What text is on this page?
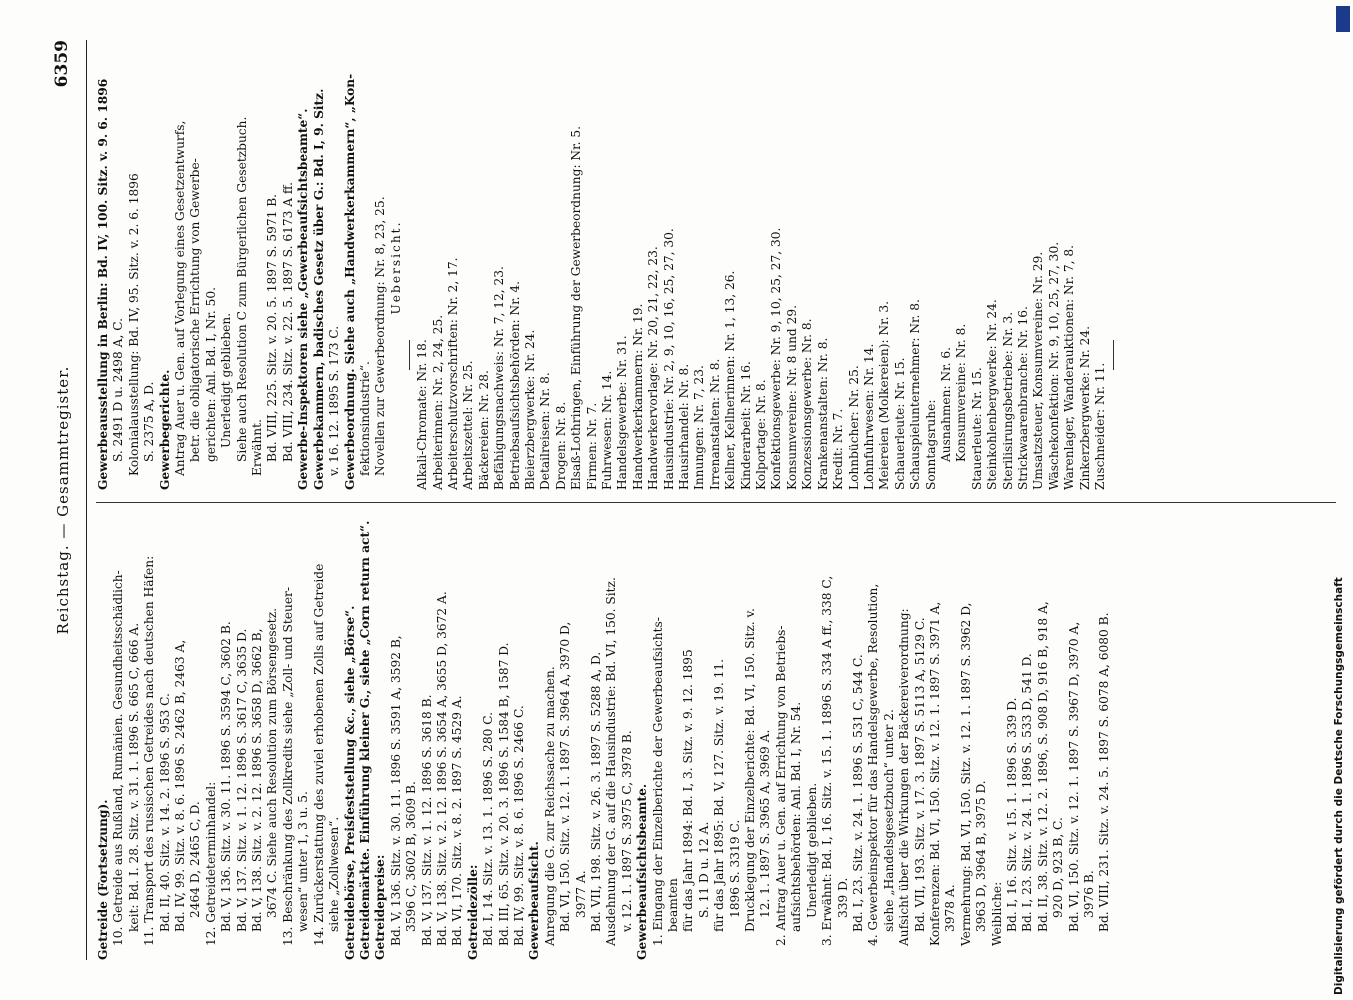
Reichstag. — Gesammtregister.
6359
Getreide (Fortsetzung). 10. Getreide aus Rußland, Rumänien. Gesundheitsschädlich- keit: Bd. I. 28. Sitz. v. 31. 1. 1896 S. 665 C, 666 A. 11. Transport des russischen Getreides nach deutschen Häfen: Bd. II, 40. Sitz. v. 14. 2. 1896 S. 953 C. Bd. IV, 99. Sitz. v. 8. 6. 1896 S. 2462 B, 2463 A, 2464 D, 2465 C, D. 12. Getreideterminhandel: Bd. V, 136. Sitz. v. 30. 11. 1896 S. 3594 C, 3602 B. Bd. V, 137. Sitz. v. 1. 12. 1896 S. 3617 C, 3635 D. Bd. V, 138. Sitz. v. 2. 12. 1896 S. 3658 D, 3662 B, 3674 C. Siehe auch Resolution zum Börsengesetz. 13. Beschränkung des Zollkredits siehe „Zoll- und Steuer- wesen“ unter 1, 3 u. 5. 14. Zurückerstattung des zuviel erhobenen Zolls auf Getreide siehe „Zollwesen“. Getreidebörse, Preisfeststellung &c., siehe „Börse“. Getreidemärkte. Einführung kleiner G., siehe „Corn return act“. Getreidepreise: Bd. V, 136. Sitz. v. 30. 11. 1896 S. 3591 A, 3592 B, 3596 C, 3602 B, 3609 B. Bd. V, 137. Sitz. v. 1. 12. 1896 S. 3618 B. Bd. V, 138. Sitz. v. 2. 12. 1896 S. 3654 A, 3655 D, 3672 A. Bd. VI, 170. Sitz. v. 8. 2. 1897 S. 4529 A. Getreidezölle: Bd. I, 14. Sitz. v. 13. 1. 1896 S. 280 C. Bd. III, 65. Sitz. v. 20. 3. 1896 S. 1584 B, 1587 D. Bd. IV, 99. Sitz. v. 8. 6. 1896 S. 2466 C. Gewerbeaufsicht. Anregung die G. zur Reichssache zu machen. Bd. VI, 150. Sitz. v. 12. 1. 1897 S. 3964 A, 3970 D, 3977 A. Bd. VII, 198. Sitz. v. 26. 3. 1897 S. 5288 A, D. Ausdehnung der G. auf die Hausindustrie: Bd. VI, 150. Sitz. v. 12. 1. 1897 S. 3975 C, 3978 B. Gewerbeaufsichtsbeamte. 1. Eingang der Einzelberichte der Gewerbeaufsichts- beamten für das Jahr 1894: Bd. I, 3. Sitz. v. 9. 12. 1895 S. 11 D u. 12 A. für das Jahr 1895: Bd. V, 127. Sitz. v. 19. 11. 1896 S. 3319 C. Drucklegung der Einzelberichte: Bd. VI, 150. Sitz. v. 12. 1. 1897 S. 3965 A, 3969 A. 2. Antrag Auer u. Gen. auf Errichtung von Betriebs- aufsichtsbehörden: Anl. Bd. I, Nr. 54. Unerledigt geblieben. 3. Erwähnt: Bd. I, 16. Sitz. v. 15. 1. 1896 S. 334 A ff., 338 C, 339 D. Bd. I, 23. Sitz. v. 24. 1. 1896 S. 531 C, 544 C. 4. Gewerbeinspektor für das Handelsgewerbe, Resolution, siehe „Handelsgesetzbuch“ unter 2. Aufsicht über die Wirkungen der Bäckereiverordnung: Bd. VII, 193. Sitz. v. 17. 3. 1897 S. 5113 A, 5129 C. Konferenzen: Bd. VI, 150. Sitz. v. 12. 1. 1897 S. 3971 A, 3978 A. Vermehrung: Bd. VI, 150. Sitz. v. 12. 1. 1897 S. 3962 D, 3963 D, 3964 B, 3975 D. Weibliche: Bd. I, 16. Sitz. v. 15. 1. 1896 S. 339 D. Bd. I, 23. Sitz. v. 24. 1. 1896 S. 533 D, 541 D. Bd. II, 38. Sitz. v. 12. 2. 1896, S. 908 D, 916 B, 918 A, 920 D, 923 B, C. Bd. VI, 150. Sitz. v. 12. 1. 1897 S. 3967 D, 3970 A, 3976 B. Bd. VIII, 231. Sitz. v. 24. 5. 1897 S. 6078 A, 6080 B.
Gewerbeausstellung in Berlin: Bd. IV, 100. Sitz. v. 9. 6. 1896 S. 2491 D u. 2498 A, C. Kolonialausstellung: Bd. IV, 95. Sitz. v. 2. 6. 1896 S. 2375 A, D. Gewerbegerichte. Antrag Auer u. Gen. auf Vorlegung eines Gesetzentwurfs, betr. die obligatorische Errichtung von Gewerbe- gerichten: Anl. Bd. I, Nr. 50. Unerledigt geblieben. Siehe auch Resolution C zum Bürgerlichen Gesetzbuch. Erwähnt. Bd. VIII, 225. Sitz. v. 20. 5. 1897 S. 5971 B. Bd. VIII, 234. Sitz. v. 22. 5. 1897 S. 6173 A ff. Gewerbe-Inspektoren siehe „Gewerbeaufsichtsbeamte“. Gewerbekammern, badisches Gesetz über G.: Bd. I, 9. Sitz. v. 16. 12. 1895 S. 173 C. Gewerbeordnung. Siehe auch „Handwerkerkammern“, „Kon- fektionsindustrie“. Novellen zur Gewerbeordnung: Nr. 8, 23, 25. Uebersicht.
Alkali-Chromate: Nr. 18. Arbeiterinnen: Nr. 2, 24, 25. Arbeiterschutzvorschriften: Nr. 2, 17. Arbeitszettel: Nr. 25. Bäckereien: Nr. 28. Befähigungsnachweis: Nr. 7, 12, 23. Betriebsaufsichtsbehörden: Nr. 4. Bleierzbergwerke: Nr. 24. Detailreisen: Nr. 8. Drogen: Nr. 8. Elsaß-Lothringen, Einführung der Gewerbeordnung: Nr. 5. Firmen: Nr. 7. Fuhrwesen: Nr. 14. Handelsgewerbe: Nr. 31. Handwerkerkammern: Nr. 19. Handwerkervorlage: Nr. 20, 21, 22, 23. Hausindustrie: Nr. 2, 9, 10, 16, 25, 27, 30. Hausirhandel: Nr. 8. Innungen: Nr. 7, 23. Irrenanstalten: Nr. 8. Kellner, Kellnerinnen: Nr. 1, 13, 26. Kinderarbeit: Nr. 16. Kolportage: Nr. 8. Konfektionsgewerbe: Nr. 9, 10, 25, 27, 30. Konsumvereine: Nr. 8 und 29. Konzessionsgewerbe: Nr. 8. Krankenanstalten: Nr. 8. Kredit: Nr. 7. Lohnbücher: Nr. 25. Lohnfuhrwesen: Nr. 14. Meiereien (Molkereien): Nr. 3. Schauerleute: Nr. 15. Schauspielunternehmer: Nr. 8. Sonntagsruhe: Ausnahmen: Nr. 6. Konsumvereine: Nr. 8. Stauerleute: Nr. 15. Steinkohlenbergwerke: Nr. 24. Sterilisirungsbetriebe: Nr. 3. Strickwaarenbranche: Nr. 16. Umsatzsteuer, Konsumvereine: Nr. 29. Wäschekonfektion: Nr. 9, 10, 25, 27, 30. Warenlager, Wanderauktionen: Nr. 7, 8. Zinkerzbergwerke: Nr. 24. Zuschneider: Nr. 11.
Digitalisierung gefördert durch die Deutsche Forschungsgemeinschaft
